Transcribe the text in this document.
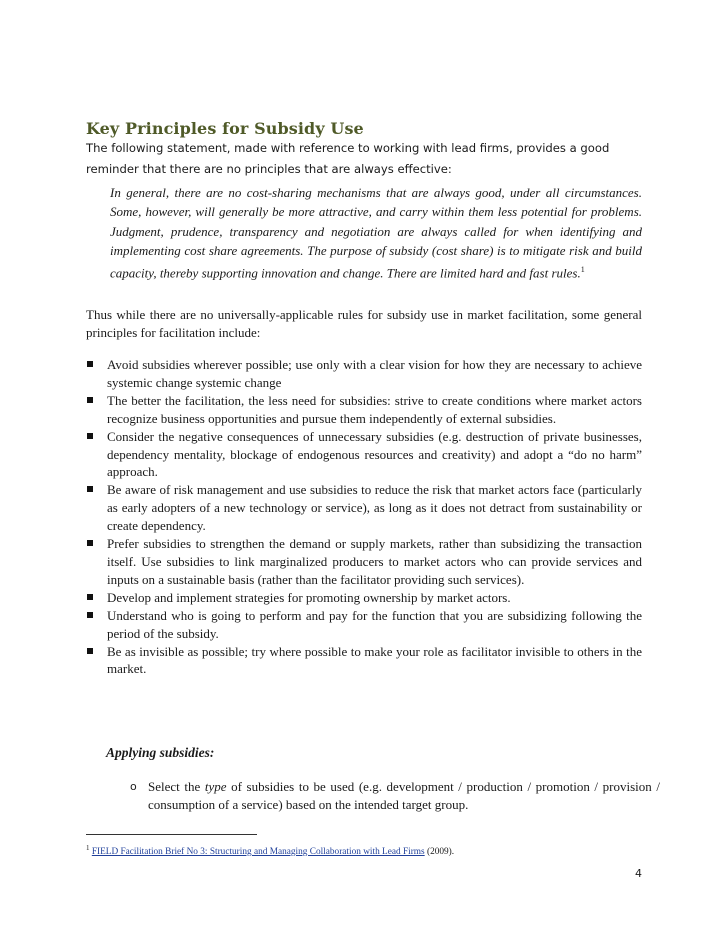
Key Principles for Subsidy Use

The following statement, made with reference to working with lead firms, provides a good reminder that there are no principles that are always effective:

In general, there are no cost-sharing mechanisms that are always good, under all circumstances. Some, however, will generally be more attractive, and carry within them less potential for problems. Judgment, prudence, transparency and negotiation are always called for when identifying and implementing cost share agreements. The purpose of subsidy (cost share) is to mitigate risk and build capacity, thereby supporting innovation and change. There are limited hard and fast rules.$^1$

Thus while there are no universally-applicable rules for subsidy use in market facilitation, some general principles for facilitation include:

Avoid subsidies wherever possible; use only with a clear vision for how they are necessary to achieve systemic change systemic change
The better the facilitation, the less need for subsidies: strive to create conditions where market actors recognize business opportunities and pursue them independently of external subsidies.
Consider the negative consequences of unnecessary subsidies (e.g. destruction of private businesses, dependency mentality, blockage of endogenous resources and creativity) and adopt a “do no harm” approach.
Be aware of risk management and use subsidies to reduce the risk that market actors face (particularly as early adopters of a new technology or service), as long as it does not detract from sustainability or create dependency.
Prefer subsidies to strengthen the demand or supply markets, rather than subsidizing the transaction itself. Use subsidies to link marginalized producers to market actors who can provide services and inputs on a sustainable basis (rather than the facilitator providing such services).
Develop and implement strategies for promoting ownership by market actors.
Understand who is going to perform and pay for the function that you are subsidizing following the period of the subsidy.
Be as invisible as possible; try where possible to make your role as facilitator invisible to others in the market.

Applying subsidies:

o Select the type of subsidies to be used (e.g. development / production / promotion / provision / consumption of a service) based on the intended target group.

$^1$ FIELD Facilitation Brief No 3: Structuring and Managing Collaboration with Lead Firms (2009).

4
